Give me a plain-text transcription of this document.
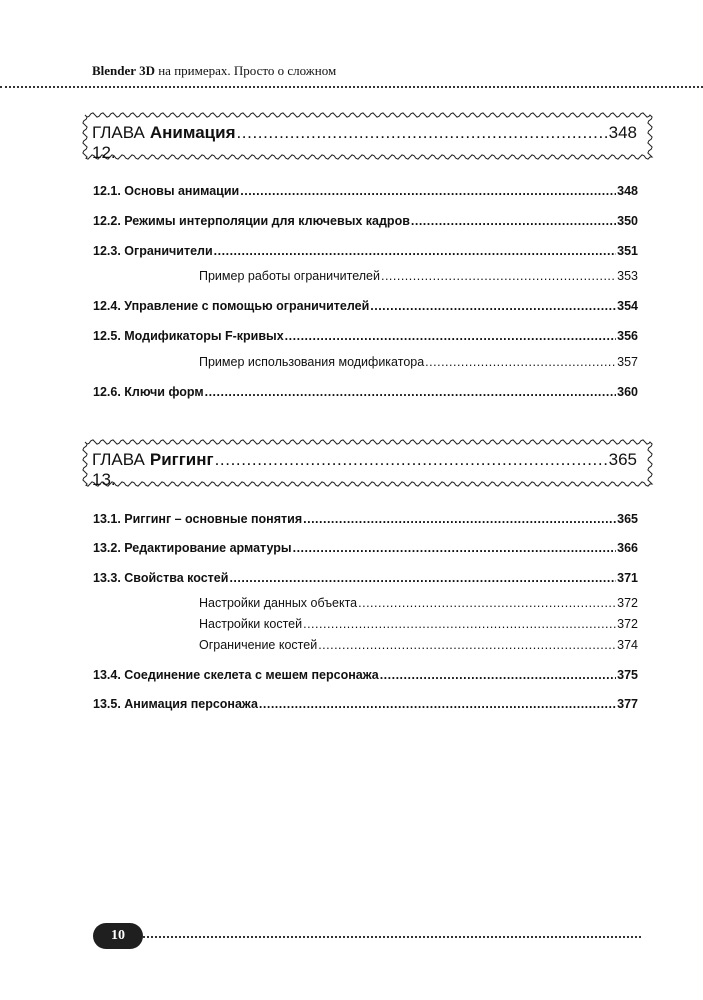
Blender 3D на примерах. Просто о сложном
ГЛАВА 12.
Анимация .....	348
12.1. Основы анимации .....	348
12.2. Режимы интерполяции для ключевых кадров .....	350
12.3. Ограничители .....	351
Пример работы ограничителей .....	353
12.4. Управление с помощью ограничителей .....	354
12.5. Модификаторы F-кривых .....	356
Пример использования модификатора .....	357
12.6. Ключи форм .....	360
ГЛАВА 13.
Риггинг .....	365
13.1. Риггинг – основные понятия .....	365
13.2. Редактирование арматуры .....	366
13.3. Свойства костей .....	371
Настройки данных объекта .....	372
Настройки костей .....	372
Ограничение костей .....	374
13.4. Соединение скелета с мешем персонажа .....	375
13.5. Анимация персонажа .....	377
10
